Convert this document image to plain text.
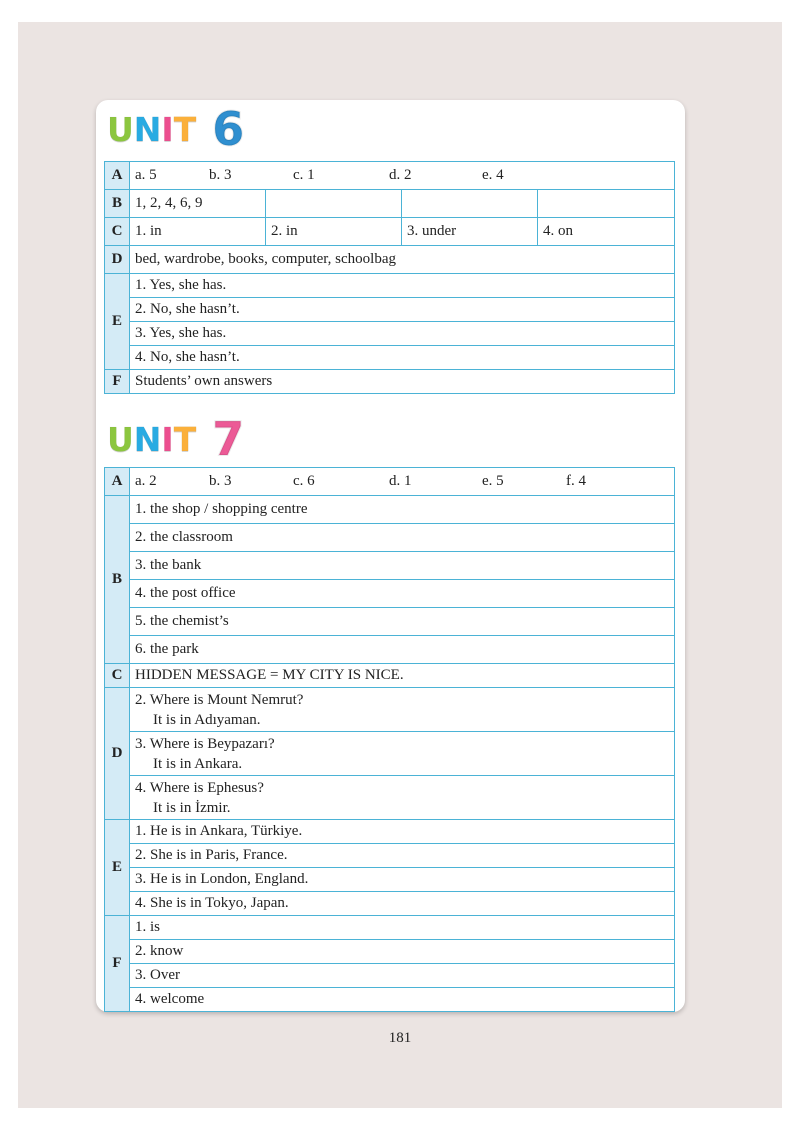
U N I T 6
A	a. 5 b. 3 c. 1 d. 2 e. 4			
B	1, 2, 4, 6, 9			
C	1. in	2. in	3. under	4. on
D	bed, wardrobe, books, computer, schoolbag			
E	1. Yes, she has.			
	2. No, she hasn’t.			
	3. Yes, she has.			
	4. No, she hasn’t.			
F	Students’ own answers			
U N I T 7
A	a. 2 b. 3 c. 6 d. 1 e. 5 f. 4
B	1. the shop / shopping centre
	2. the classroom
	3. the bank
	4. the post office
	5. the chemist’s
	6. the park
C	HIDDEN MESSAGE = MY CITY IS NICE.
D	2. Where is Mount Nemrut?
It is in Adıyaman.

	3. Where is Beypazarı?
It is in Ankara.

	4. Where is Ephesus?
It is in İzmir.

E	1. He is in Ankara, Türkiye.
	2. She is in Paris, France.
	3. He is in London, England.
	4. She is in Tokyo, Japan.
F	1. is
	2. know
	3. Over
	4. welcome
181
